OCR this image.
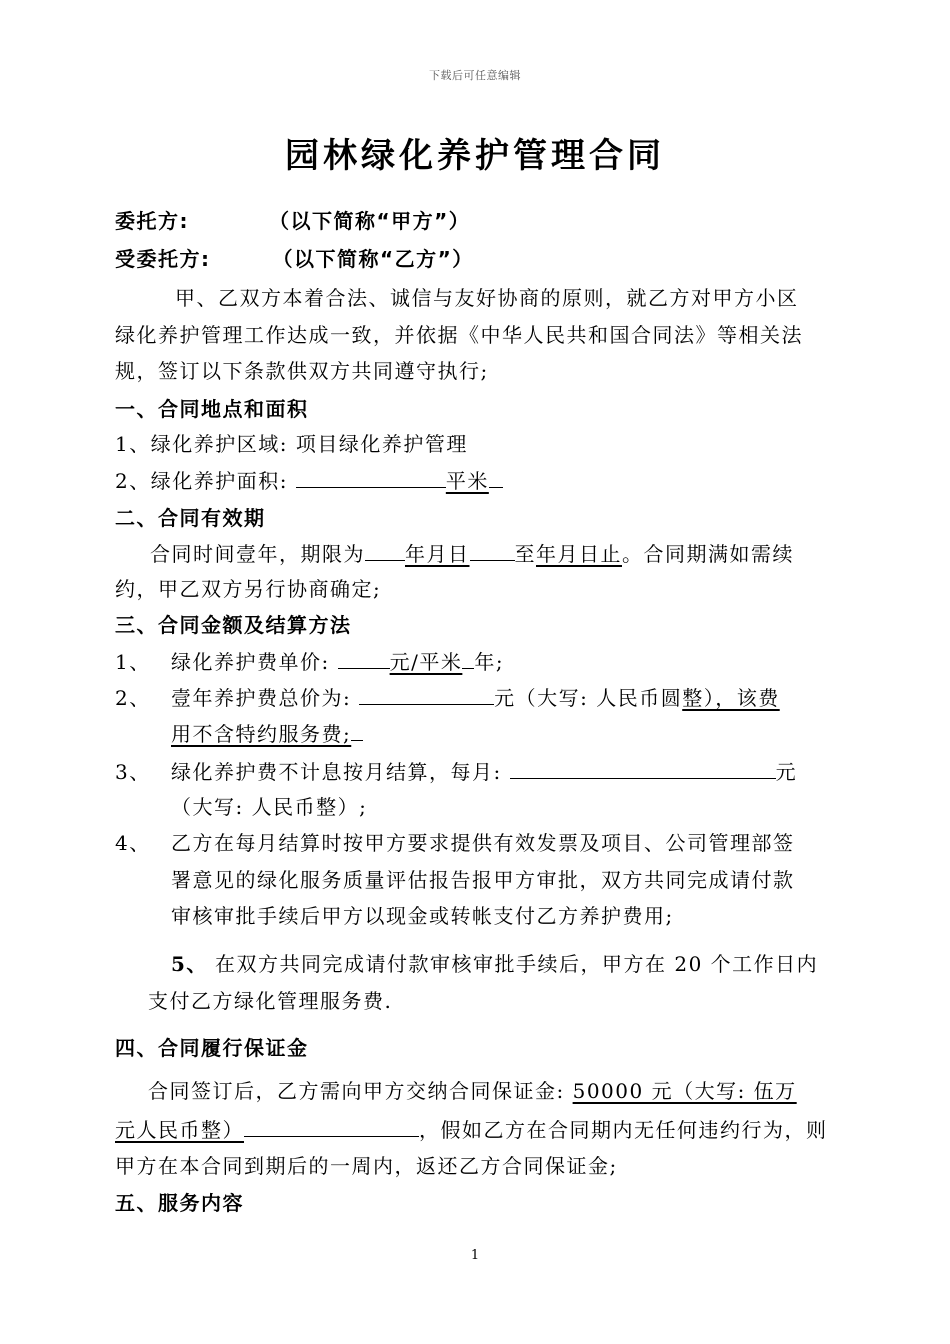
下载后可任意编辑
园林绿化养护管理合同
委托方:	（以下简称“甲方”）
受委托方:	（以下简称“乙方”）
甲、乙双方本着合法、诚信与友好协商的原则，就乙方对甲方小区
绿化养护管理工作达成一致，并依据《中华人民共和国合同法》等相关法
规，签订以下条款供双方共同遵守执行;
一、合同地点和面积
1、绿化养护区域: 项目绿化养护管理
2、绿化养护面积:	平米
二、合同有效期
合同时间壹年，期限为 年月日 至年月日止。合同期满如需续
约，甲乙双方另行协商确定;
三、合同金额及结算方法
1、 绿化养护费单价:	元/平米 年;
2、 壹年养护费总价为:	元（大写: 人民币圆整），该费
用不含特约服务费;
3、 绿化养护费不计息按月结算，每月:	元
（大写: 人民币整）;
4、 乙方在每月结算时按甲方要求提供有效发票及项目、公司管理部签
署意见的绿化服务质量评估报告报甲方审批，双方共同完成请付款
审核审批手续后甲方以现金或转帐支付乙方养护费用;
5、 在双方共同完成请付款审核审批手续后，甲方在 20 个工作日内
支付乙方绿化管理服务费.
四、合同履行保证金
合同签订后，乙方需向甲方交纳合同保证金: 50000 元（大写: 伍万
元人民币整）	，假如乙方在合同期内无任何违约行为，则
甲方在本合同到期后的一周内，返还乙方合同保证金;
五、服务内容
1
